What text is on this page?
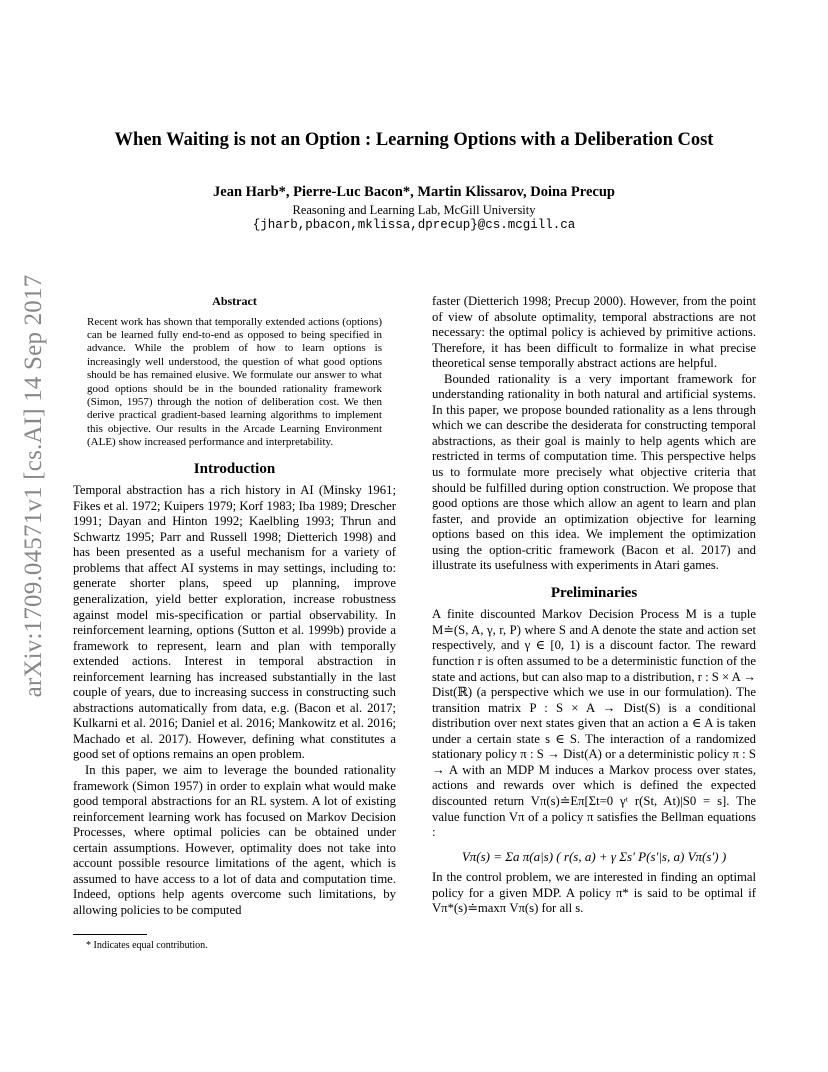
arXiv:1709.04571v1 [cs.AI] 14 Sep 2017
When Waiting is not an Option : Learning Options with a Deliberation Cost
Jean Harb*, Pierre-Luc Bacon*, Martin Klissarov, Doina Precup
Reasoning and Learning Lab, McGill University
{jharb,pbacon,mklissa,dprecup}@cs.mcgill.ca
Abstract
Recent work has shown that temporally extended actions (options) can be learned fully end-to-end as opposed to being specified in advance. While the problem of how to learn options is increasingly well understood, the question of what good options should be has remained elusive. We formulate our answer to what good options should be in the bounded rationality framework (Simon, 1957) through the notion of deliberation cost. We then derive practical gradient-based learning algorithms to implement this objective. Our results in the Arcade Learning Environment (ALE) show increased performance and interpretability.
Introduction

Temporal abstraction has a rich history in AI (Minsky 1961; Fikes et al. 1972; Kuipers 1979; Korf 1983; Iba 1989; Drescher 1991; Dayan and Hinton 1992; Kaelbling 1993; Thrun and Schwartz 1995; Parr and Russell 1998; Dietterich 1998) and has been presented as a useful mechanism for a variety of problems that affect AI systems in may settings, including to: generate shorter plans, speed up planning, improve generalization, yield better exploration, increase robustness against model mis-specification or partial observability. In reinforcement learning, options (Sutton et al. 1999b) provide a framework to represent, learn and plan with temporally extended actions. Interest in temporal abstraction in reinforcement learning has increased substantially in the last couple of years, due to increasing success in constructing such abstractions automatically from data, e.g. (Bacon et al. 2017; Kulkarni et al. 2016; Daniel et al. 2016; Mankowitz et al. 2016; Machado et al. 2017). However, defining what constitutes a good set of options remains an open problem.

In this paper, we aim to leverage the bounded rationality framework (Simon 1957) in order to explain what would make good temporal abstractions for an RL system. A lot of existing reinforcement learning work has focused on Markov Decision Processes, where optimal policies can be obtained under certain assumptions. However, optimality does not take into account possible resource limitations of the agent, which is assumed to have access to a lot of data and computation time. Indeed, options help agents overcome such limitations, by allowing policies to be computed

faster (Dietterich 1998; Precup 2000). However, from the point of view of absolute optimality, temporal abstractions are not necessary: the optimal policy is achieved by primitive actions. Therefore, it has been difficult to formalize in what precise theoretical sense temporally abstract actions are helpful.

Bounded rationality is a very important framework for understanding rationality in both natural and artificial systems. In this paper, we propose bounded rationality as a lens through which we can describe the desiderata for constructing temporal abstractions, as their goal is mainly to help agents which are restricted in terms of computation time. This perspective helps us to formulate more precisely what objective criteria that should be fulfilled during option construction. We propose that good options are those which allow an agent to learn and plan faster, and provide an optimization objective for learning options based on this idea. We implement the optimization using the option-critic framework (Bacon et al. 2017) and illustrate its usefulness with experiments in Atari games.

Preliminaries

A finite discounted Markov Decision Process M is a tuple M≐(S, A, γ, r, P) where S and A denote the state and action set respectively, and γ ∈ [0, 1) is a discount factor. The reward function r is often assumed to be a deterministic function of the state and actions, but can also map to a distribution, r : S × A → Dist(ℝ) (a perspective which we use in our formulation). The transition matrix P : S × A → Dist(S) is a conditional distribution over next states given that an action a ∈ A is taken under a certain state s ∈ S. The interaction of a randomized stationary policy π : S → Dist(A) or a deterministic policy π : S → A with an MDP M induces a Markov process over states, actions and rewards over which is defined the expected discounted return Vπ(s)≐Eπ[Σt=0 γᵗ r(St, At)|S0 = s]. The value function Vπ of a policy π satisfies the Bellman equations :

Vπ(s) = Σa π(a|s) ( r(s, a) + γ Σs′ P(s′|s, a) Vπ(s′) )

In the control problem, we are interested in finding an optimal policy for a given MDP. A policy π* is said to be optimal if Vπ*(s)≐maxπ Vπ(s) for all s.

* Indicates equal contribution.
